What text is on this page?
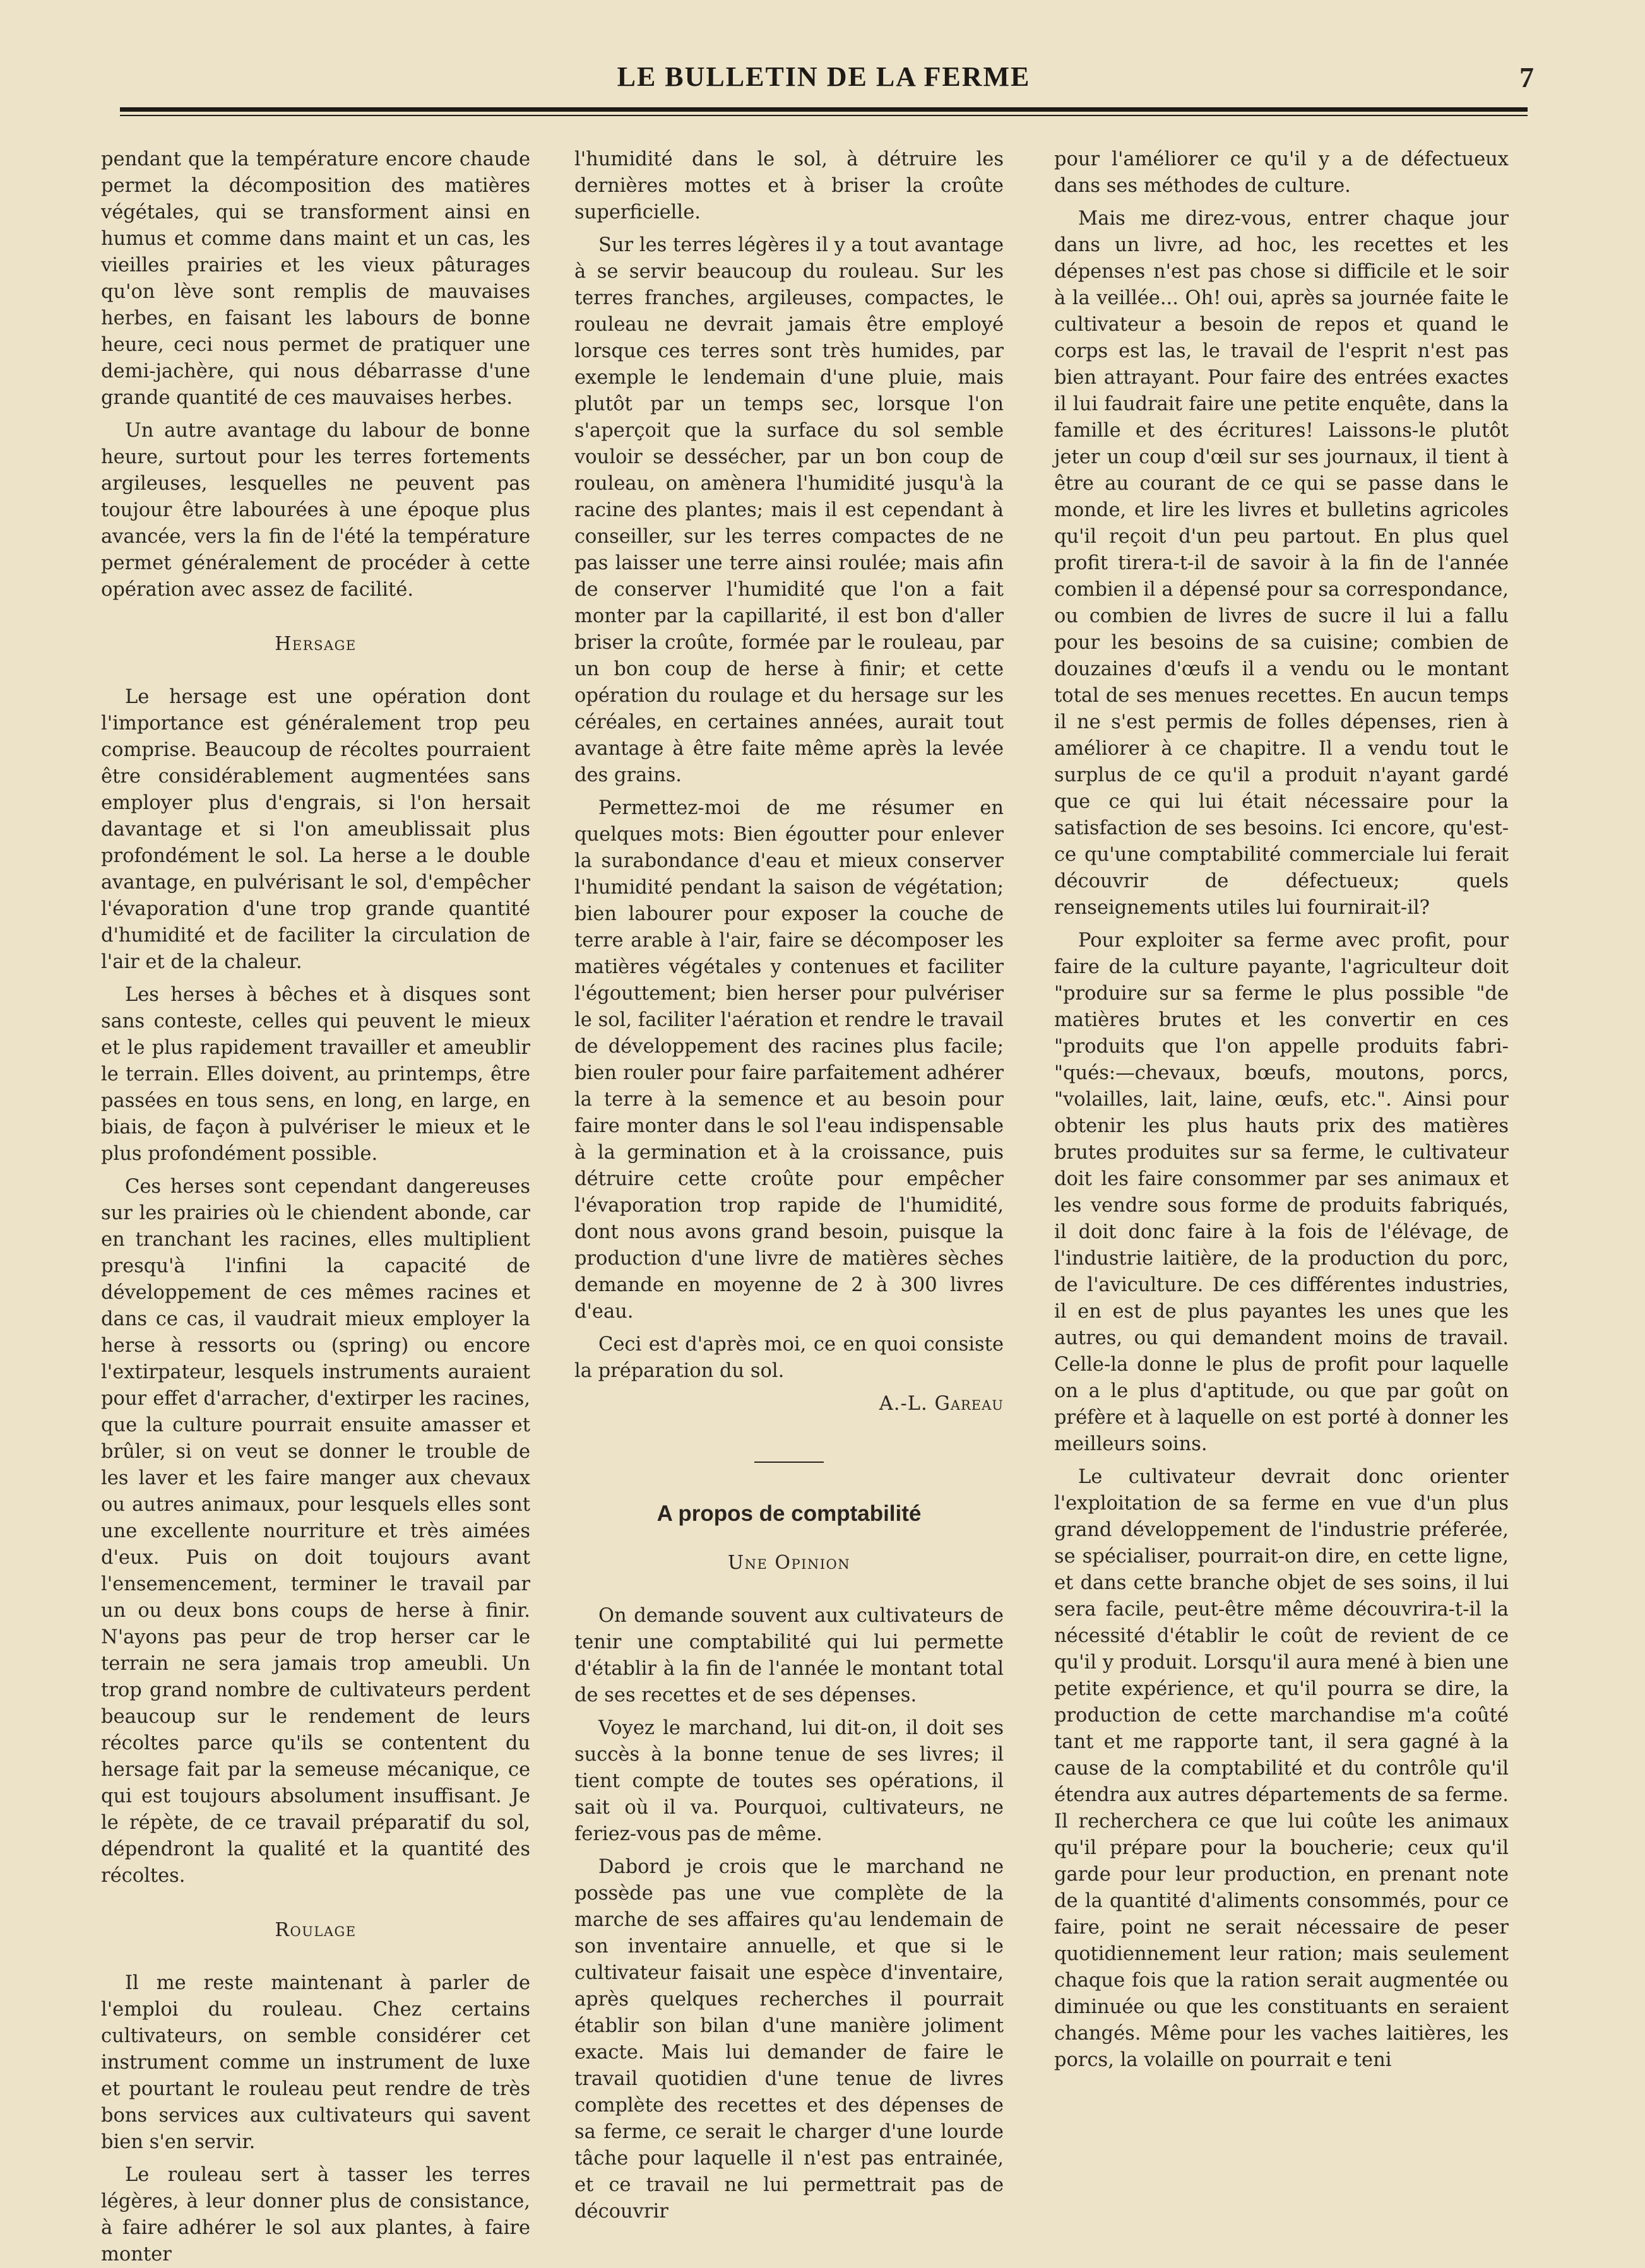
LE BULLETIN DE LA FERME	7

pendant que la température encore chaude permet la décomposition des matières végétales, qui se transforment ainsi en humus et comme dans maint et un cas, les vieilles prairies et les vieux pâturages qu'on lève sont remplis de mauvaises herbes, en faisant les labours de bonne heure, ceci nous permet de pratiquer une demi-jachère, qui nous débarrasse d'une grande quantité de ces mauvaises herbes.

Un autre avantage du labour de bonne heure, surtout pour les terres fortements argileuses, lesquelles ne peuvent pas toujour être labourées à une époque plus avancée, vers la fin de l'été la température permet généralement de procéder à cette opération avec assez de facilité.

Hersage

Le hersage est une opération dont l'importance est généralement trop peu comprise. Beaucoup de récoltes pourraient être considérablement augmentées sans employer plus d'engrais, si l'on hersait davantage et si l'on ameublissait plus profondément le sol. La herse a le double avantage, en pulvérisant le sol, d'empêcher l'évaporation d'une trop grande quantité d'humidité et de faciliter la circulation de l'air et de la chaleur.

Les herses à bêches et à disques sont sans conteste, celles qui peuvent le mieux et le plus rapidement travailler et ameublir le terrain. Elles doivent, au printemps, être passées en tous sens, en long, en large, en biais, de façon à pulvériser le mieux et le plus profondément possible.

Ces herses sont cependant dangereuses sur les prairies où le chiendent abonde, car en tranchant les racines, elles multiplient presqu'à l'infini la capacité de développement de ces mêmes racines et dans ce cas, il vaudrait mieux employer la herse à ressorts ou (spring) ou encore l'extirpateur, lesquels instruments auraient pour effet d'arracher, d'extirper les racines, que la culture pourrait ensuite amasser et brûler, si on veut se donner le trouble de les laver et les faire manger aux chevaux ou autres animaux, pour lesquels elles sont une excellente nourriture et très aimées d'eux. Puis on doit toujours avant l'ensemencement, terminer le travail par un ou deux bons coups de herse à finir. N'ayons pas peur de trop herser car le terrain ne sera jamais trop ameubli. Un trop grand nombre de cultivateurs perdent beaucoup sur le rendement de leurs récoltes parce qu'ils se contentent du hersage fait par la semeuse mécanique, ce qui est toujours absolument insuffisant. Je le répète, de ce travail préparatif du sol, dépendront la qualité et la quantité des récoltes.

Roulage

Il me reste maintenant à parler de l'emploi du rouleau. Chez certains cultivateurs, on semble considérer cet instrument comme un instrument de luxe et pourtant le rouleau peut rendre de très bons services aux cultivateurs qui savent bien s'en servir.

Le rouleau sert à tasser les terres légères, à leur donner plus de consistance, à faire adhérer le sol aux plantes, à faire monter

l'humidité dans le sol, à détruire les dernières mottes et à briser la croûte superficielle.

Sur les terres légères il y a tout avantage à se servir beaucoup du rouleau. Sur les terres franches, argileuses, compactes, le rouleau ne devrait jamais être employé lorsque ces terres sont très humides, par exemple le lendemain d'une pluie, mais plutôt par un temps sec, lorsque l'on s'aperçoit que la surface du sol semble vouloir se dessécher, par un bon coup de rouleau, on amènera l'humidité jusqu'à la racine des plantes; mais il est cependant à conseiller, sur les terres compactes de ne pas laisser une terre ainsi roulée; mais afin de conserver l'humidité que l'on a fait monter par la capillarité, il est bon d'aller briser la croûte, formée par le rouleau, par un bon coup de herse à finir; et cette opération du roulage et du hersage sur les céréales, en certaines années, aurait tout avantage à être faite même après la levée des grains.

Permettez-moi de me résumer en quelques mots: Bien égoutter pour enlever la surabondance d'eau et mieux conserver l'humidité pendant la saison de végétation; bien labourer pour exposer la couche de terre arable à l'air, faire se décomposer les matières végétales y contenues et faciliter l'égouttement; bien herser pour pulvériser le sol, faciliter l'aération et rendre le travail de développement des racines plus facile; bien rouler pour faire parfaitement adhérer la terre à la semence et au besoin pour faire monter dans le sol l'eau indispensable à la germination et à la croissance, puis détruire cette croûte pour empêcher l'évaporation trop rapide de l'humidité, dont nous avons grand besoin, puisque la production d'une livre de matières sèches demande en moyenne de 2 à 300 livres d'eau.

Ceci est d'après moi, ce en quoi consiste la préparation du sol.

A.-L. Gareau
A propos de comptabilité
Une Opinion

On demande souvent aux cultivateurs de tenir une comptabilité qui lui permette d'établir à la fin de l'année le montant total de ses recettes et de ses dépenses.

Voyez le marchand, lui dit-on, il doit ses succès à la bonne tenue de ses livres; il tient compte de toutes ses opérations, il sait où il va. Pourquoi, cultivateurs, ne feriez-vous pas de même.

Dabord je crois que le marchand ne possède pas une vue complète de la marche de ses affaires qu'au lendemain de son inventaire annuelle, et que si le cultivateur faisait une espèce d'inventaire, après quelques recherches il pourrait établir son bilan d'une manière joliment exacte. Mais lui demander de faire le travail quotidien d'une tenue de livres complète des recettes et des dépenses de sa ferme, ce serait le charger d'une lourde tâche pour laquelle il n'est pas entrainée, et ce travail ne lui permettrait pas de découvrir

pour l'améliorer ce qu'il y a de défectueux dans ses méthodes de culture.

Mais me direz-vous, entrer chaque jour dans un livre, ad hoc, les recettes et les dépenses n'est pas chose si difficile et le soir à la veillée... Oh! oui, après sa journée faite le cultivateur a besoin de repos et quand le corps est las, le travail de l'esprit n'est pas bien attrayant. Pour faire des entrées exactes il lui faudrait faire une petite enquête, dans la famille et des écritures! Laissons-le plutôt jeter un coup d'œil sur ses journaux, il tient à être au courant de ce qui se passe dans le monde, et lire les livres et bulletins agricoles qu'il reçoit d'un peu partout. En plus quel profit tirera-t-il de savoir à la fin de l'année combien il a dépensé pour sa correspondance, ou combien de livres de sucre il lui a fallu pour les besoins de sa cuisine; combien de douzaines d'œufs il a vendu ou le montant total de ses menues recettes. En aucun temps il ne s'est permis de folles dépenses, rien à améliorer à ce chapitre. Il a vendu tout le surplus de ce qu'il a produit n'ayant gardé que ce qui lui était nécessaire pour la satisfaction de ses besoins. Ici encore, qu'est-ce qu'une comptabilité commerciale lui ferait découvrir de défectueux; quels renseignements utiles lui fournirait-il?

Pour exploiter sa ferme avec profit, pour faire de la culture payante, l'agriculteur doit "produire sur sa ferme le plus possible "de matières brutes et les convertir en ces "produits que l'on appelle produits fabri- "qués:—chevaux, bœufs, moutons, porcs, "volailles, lait, laine, œufs, etc.". Ainsi pour obtenir les plus hauts prix des matières brutes produites sur sa ferme, le cultivateur doit les faire consommer par ses animaux et les vendre sous forme de produits fabriqués, il doit donc faire à la fois de l'élévage, de l'industrie laitière, de la production du porc, de l'aviculture. De ces différentes industries, il en est de plus payantes les unes que les autres, ou qui demandent moins de travail. Celle-la donne le plus de profit pour laquelle on a le plus d'aptitude, ou que par goût on préfère et à laquelle on est porté à donner les meilleurs soins.

Le cultivateur devrait donc orienter l'exploitation de sa ferme en vue d'un plus grand développement de l'industrie préferée, se spécialiser, pourrait-on dire, en cette ligne, et dans cette branche objet de ses soins, il lui sera facile, peut-être même découvrira-t-il la nécessité d'établir le coût de revient de ce qu'il y produit. Lorsqu'il aura mené à bien une petite expérience, et qu'il pourra se dire, la production de cette marchandise m'a coûté tant et me rapporte tant, il sera gagné à la cause de la comptabilité et du contrôle qu'il étendra aux autres départements de sa ferme. Il recherchera ce que lui coûte les animaux qu'il prépare pour la boucherie; ceux qu'il garde pour leur production, en prenant note de la quantité d'aliments consommés, pour ce faire, point ne serait nécessaire de peser quotidiennement leur ration; mais seulement chaque fois que la ration serait augmentée ou diminuée ou que les constituants en seraient changés. Même pour les vaches laitières, les porcs, la volaille on pourrait e teni
